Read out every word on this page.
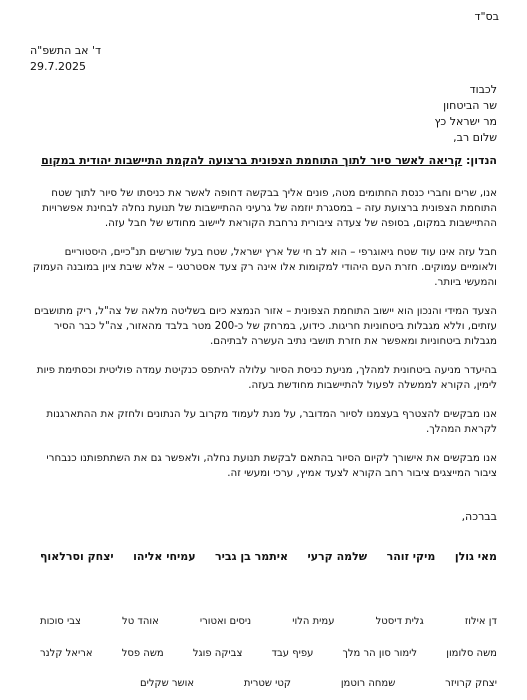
בס"ד
ד' אב התשפ"ה
29.7.2025
לכבוד
שר הביטחון
מר ישראל כץ
שלום רב,
הנדון: קריאה לאשר סיור לתוך התוחמת הצפונית ברצועה להקמת התיישבות יהודית במקום
אנו, שרים וחברי כנסת החתומים מטה, פונים אליך בבקשה דחופה לאשר את כניסתו של סיור לתוך שטח
התוחמת הצפונית ברצועת עזה – במסגרת יוזמה של גרעיני ההתיישבות של תנועת נחלה לבחינת אפשרויות
ההתיישבות במקום, בסופה של צעדה ציבורית נרחבת הקוראת ליישוב מחודש של חבל עזה.
חבל עזה אינו עוד שטח גיאוגרפי – הוא לב חי של ארץ ישראל, שטח בעל שורשים תנ"כיים, היסטוריים
ולאומיים עמוקים. חזרת העם היהודי למקומות אלו אינה רק צעד אסטרטגי – אלא שיבת ציון במובנה העמוק
והמעשי ביותר.
הצעד המידי והנכון הוא יישוב התוחמת הצפונית – אזור הנמצא כיום בשליטה מלאה של צה"ל, ריק מתושבים
עזתים, וללא מגבלות ביטחוניות חריגות. כידוע, במרחק של כ-200 מטר בלבד מהאזור, צה"ל כבר הסיר
מגבלות ביטחוניות ומאפשר את חזרת תושבי נתיב העשרה לבתיהם.
בהיעדר מניעה ביטחונית למהלך, מניעת כניסת הסיור עלולה להיתפס כנקיטת עמדה פוליטית וכסתימת פיות
לימין, הקורא לממשלה לפעול להתיישבות מחודשת בעזה.
אנו מבקשים להצטרף בעצמנו לסיור המדובר, על מנת לעמוד מקרוב על הנתונים ולחזק את ההתארגנות
לקראת המהלך.
אנו מבקשים את אישורך לקיום הסיור בהתאם לבקשת תנועת נחלה, ולאפשר גם את השתתפותנו כנבחרי
ציבור המייצגים ציבור רחב הקורא לצעד אמיץ, ערכי ומעשי זה.
בברכה,
מאי גולן
מיקי זוהר
שלמה קרעי
איתמר בן גביר
עמיחי אליהו
יצחק וסרלאוף
דן אילוז
גלית דיסטל
עמית הלוי
ניסים ואטורי
אוהד טל
צבי סוכות
משה סלומון
לימור סון הר מלך
עפיף עבד
צביקה פוגל
משה פסל
אריאל קלנר
יצחק קרויזר
שמחה רוטמן
קטי שטרית
אושר שקלים
